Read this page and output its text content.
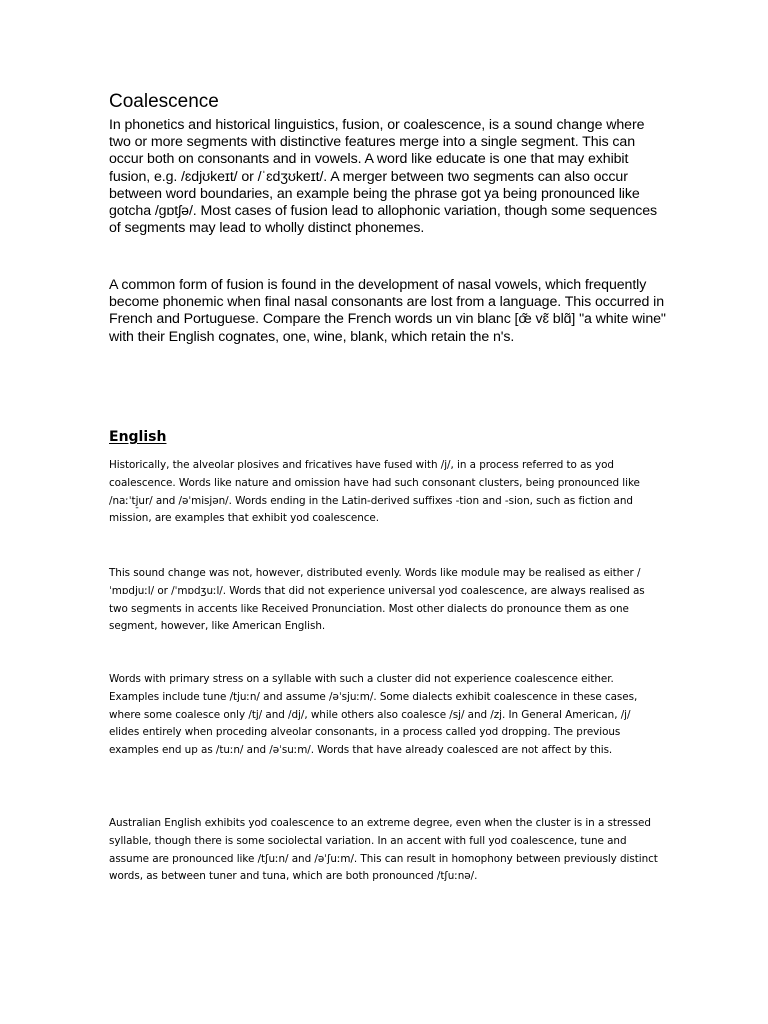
Coalescence

In phonetics and historical linguistics, fusion, or coalescence, is a sound change where two or more segments with distinctive features merge into a single segment. This can occur both on consonants and in vowels. A word like educate is one that may exhibit fusion, e.g. /ɛdjʊkeɪt/ or /ˈɛdʒʊkeɪt/. A merger between two segments can also occur between word boundaries, an example being the phrase got ya being pronounced like gotcha /ɡɒtʃə/. Most cases of fusion lead to allophonic variation, though some sequences of segments may lead to wholly distinct phonemes.

A common form of fusion is found in the development of nasal vowels, which frequently become phonemic when final nasal consonants are lost from a language. This occurred in French and Portuguese. Compare the French words un vin blanc [œ̃ vɛ̃ blɑ̃] "a white wine" with their English cognates, one, wine, blank, which retain the n's.

English

Historically, the alveolar plosives and fricatives have fused with /j/, in a process referred to as yod coalescence. Words like nature and omission have had such consonant clusters, being pronounced like /naːˈtj̠ur/ and /əˈmisjən/. Words ending in the Latin-derived suffixes -tion and -sion, such as fiction and mission, are examples that exhibit yod coalescence.

This sound change was not, however, distributed evenly. Words like module may be realised as either /ˈmɒdjuːl/ or /ˈmɒdʒuːl/. Words that did not experience universal yod coalescence, are always realised as two segments in accents like Received Pronunciation. Most other dialects do pronounce them as one segment, however, like American English.

Words with primary stress on a syllable with such a cluster did not experience coalescence either. Examples include tune /tjuːn/ and assume /əˈsjuːm/. Some dialects exhibit coalescence in these cases, where some coalesce only /tj/ and /dj/, while others also coalesce /sj/ and /zj. In General American, /j/ elides entirely when proceding alveolar consonants, in a process called yod dropping. The previous examples end up as /tuːn/ and /əˈsuːm/. Words that have already coalesced are not affect by this.

Australian English exhibits yod coalescence to an extreme degree, even when the cluster is in a stressed syllable, though there is some sociolectal variation. In an accent with full yod coalescence, tune and assume are pronounced like /tʃuːn/ and /əˈʃuːm/. This can result in homophony between previously distinct words, as between tuner and tuna, which are both pronounced /tʃuːnə/.
